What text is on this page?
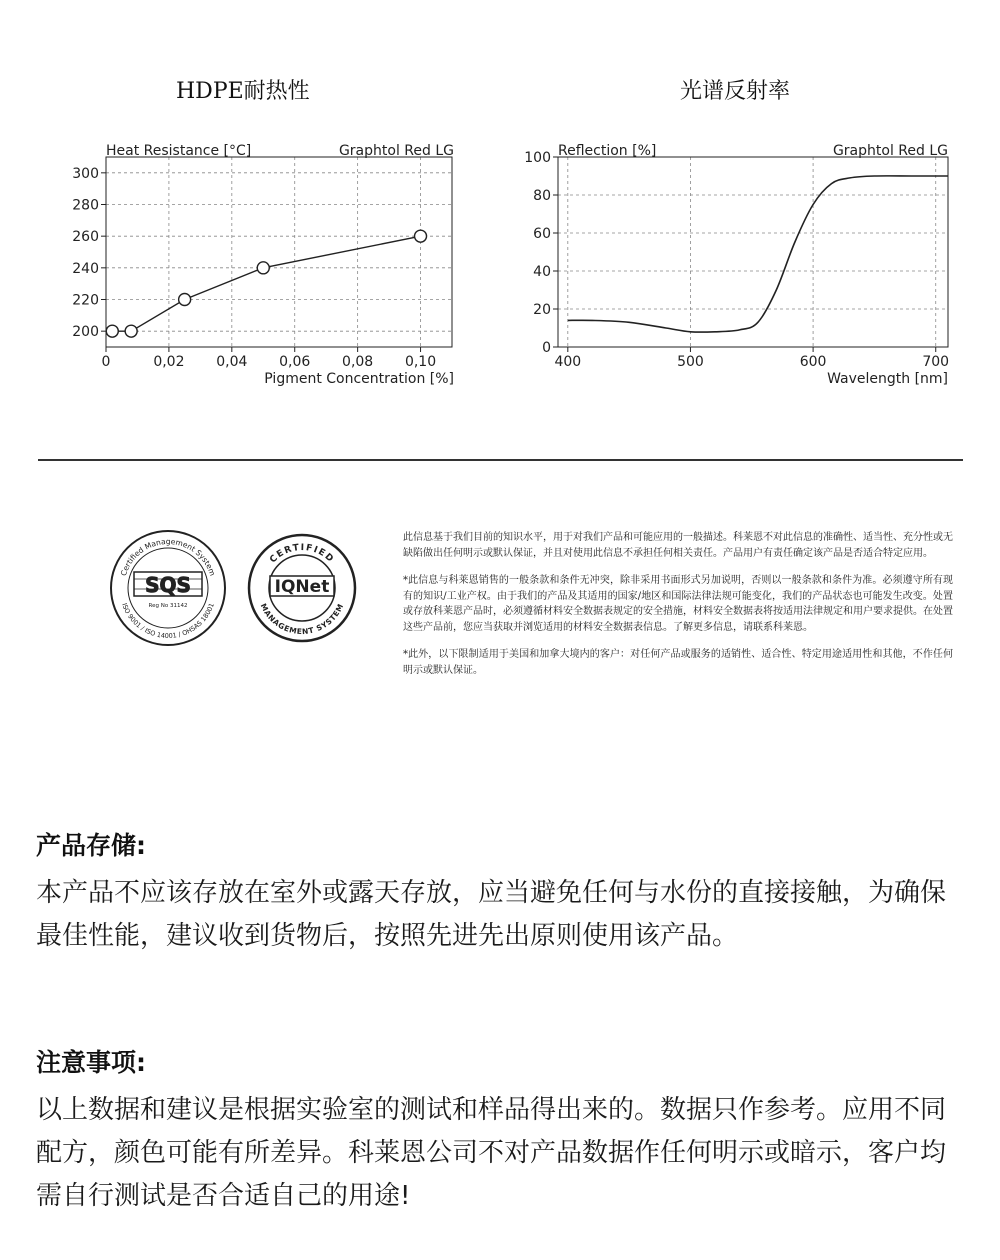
HDPE耐热性	光谱反射率
0	0,02 0,04 0,06 0,08 0,10
200
220
240
260
280
300
Heat Resistance [°C]	Graphtol Red LG
Pigment Concentration [%]
400	500	600	700
0
20
40
60
80
100 Reflection [%]	Graphtol Red LG
Wavelength [nm]
Certified Management System
ISO 9001 / ISO 14001 / OHSAS 18001
SQS
Reg No 31142
CERTIFIED
MANAGEMENT SYSTEM
IQNet

此信息基于我们目前的知识水平，用于对我们产品和可能应用的一般描述。科莱恩不对此信息的准确性、适当性、充分性或无缺陷做出任何明示或默认保证，并且对使用此信息不承担任何相关责任。产品用户有责任确定该产品是否适合特定应用。

*此信息与科莱恩销售的一般条款和条件无冲突，除非采用书面形式另加说明，否则以一般条款和条件为准。必须遵守所有现有的知识/工业产权。由于我们的产品及其适用的国家/地区和国际法律法规可能变化，我们的产品状态也可能发生改变。处置或存放科莱恩产品时，必须遵循材料安全数据表规定的安全措施，材料安全数据表将按适用法律规定和用户要求提供。在处置这些产品前，您应当获取并浏览适用的材料安全数据表信息。了解更多信息，请联系科莱恩。

*此外，以下限制适用于美国和加拿大境内的客户：对任何产品或服务的适销性、适合性、特定用途适用性和其他，不作任何明示或默认保证。

产品存储:
本产品不应该存放在室外或露天存放，应当避免任何与水份的直接接触，为确保最佳性能，建议收到货物后，按照先进先出原则使用该产品。
注意事项:
以上数据和建议是根据实验室的测试和样品得出来的。数据只作参考。应用不同配方，颜色可能有所差异。科莱恩公司不对产品数据作任何明示或暗示，客户均需自行测试是否合适自己的用途!
